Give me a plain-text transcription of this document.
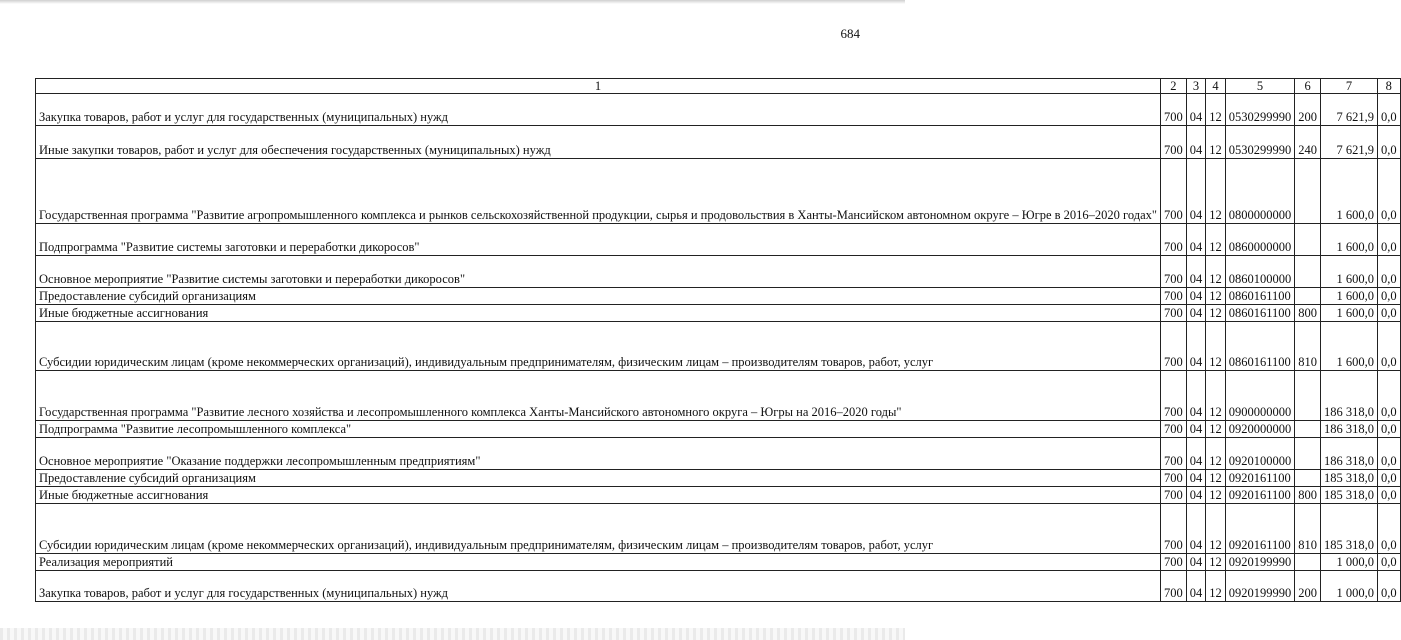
684
1	2	3	4	5	6	7	8
Закупка товаров, работ и услуг для государственных (муниципальных) нужд	700	04	12	0530299990	200	7 621,9	0,0
Иные закупки товаров, работ и услуг для обеспечения государственных (муниципальных) нужд	700	04	12	0530299990	240	7 621,9	0,0
Государственная программа "Развитие агропромышленного комплекса и рынков сельскохозяйственной продукции, сырья и продовольствия в Ханты-Мансийском автономном округе – Югре в 2016–2020 годах"	700	04	12	0800000000		1 600,0	0,0
Подпрограмма "Развитие системы заготовки и переработки дикоросов"	700	04	12	0860000000		1 600,0	0,0
Основное мероприятие "Развитие системы заготовки и переработки дикоросов"	700	04	12	0860100000		1 600,0	0,0
Предоставление субсидий организациям	700	04	12	0860161100		1 600,0	0,0
Иные бюджетные ассигнования	700	04	12	0860161100	800	1 600,0	0,0
Субсидии юридическим лицам (кроме некоммерческих организаций), индивидуальным предпринимателям, физическим лицам – производителям товаров, работ, услуг	700	04	12	0860161100	810	1 600,0	0,0
Государственная программа "Развитие лесного хозяйства и лесопромышленного комплекса Ханты-Мансийского автономного округа – Югры на 2016–2020 годы"	700	04	12	0900000000		186 318,0	0,0
Подпрограмма "Развитие лесопромышленного комплекса"	700	04	12	0920000000		186 318,0	0,0
Основное мероприятие "Оказание поддержки лесопромышленным предприятиям"	700	04	12	0920100000		186 318,0	0,0
Предоставление субсидий организациям	700	04	12	0920161100		185 318,0	0,0
Иные бюджетные ассигнования	700	04	12	0920161100	800	185 318,0	0,0
Субсидии юридическим лицам (кроме некоммерческих организаций), индивидуальным предпринимателям, физическим лицам – производителям товаров, работ, услуг	700	04	12	0920161100	810	185 318,0	0,0
Реализация мероприятий	700	04	12	0920199990		1 000,0	0,0
Закупка товаров, работ и услуг для государственных (муниципальных) нужд	700	04	12	0920199990	200	1 000,0	0,0
